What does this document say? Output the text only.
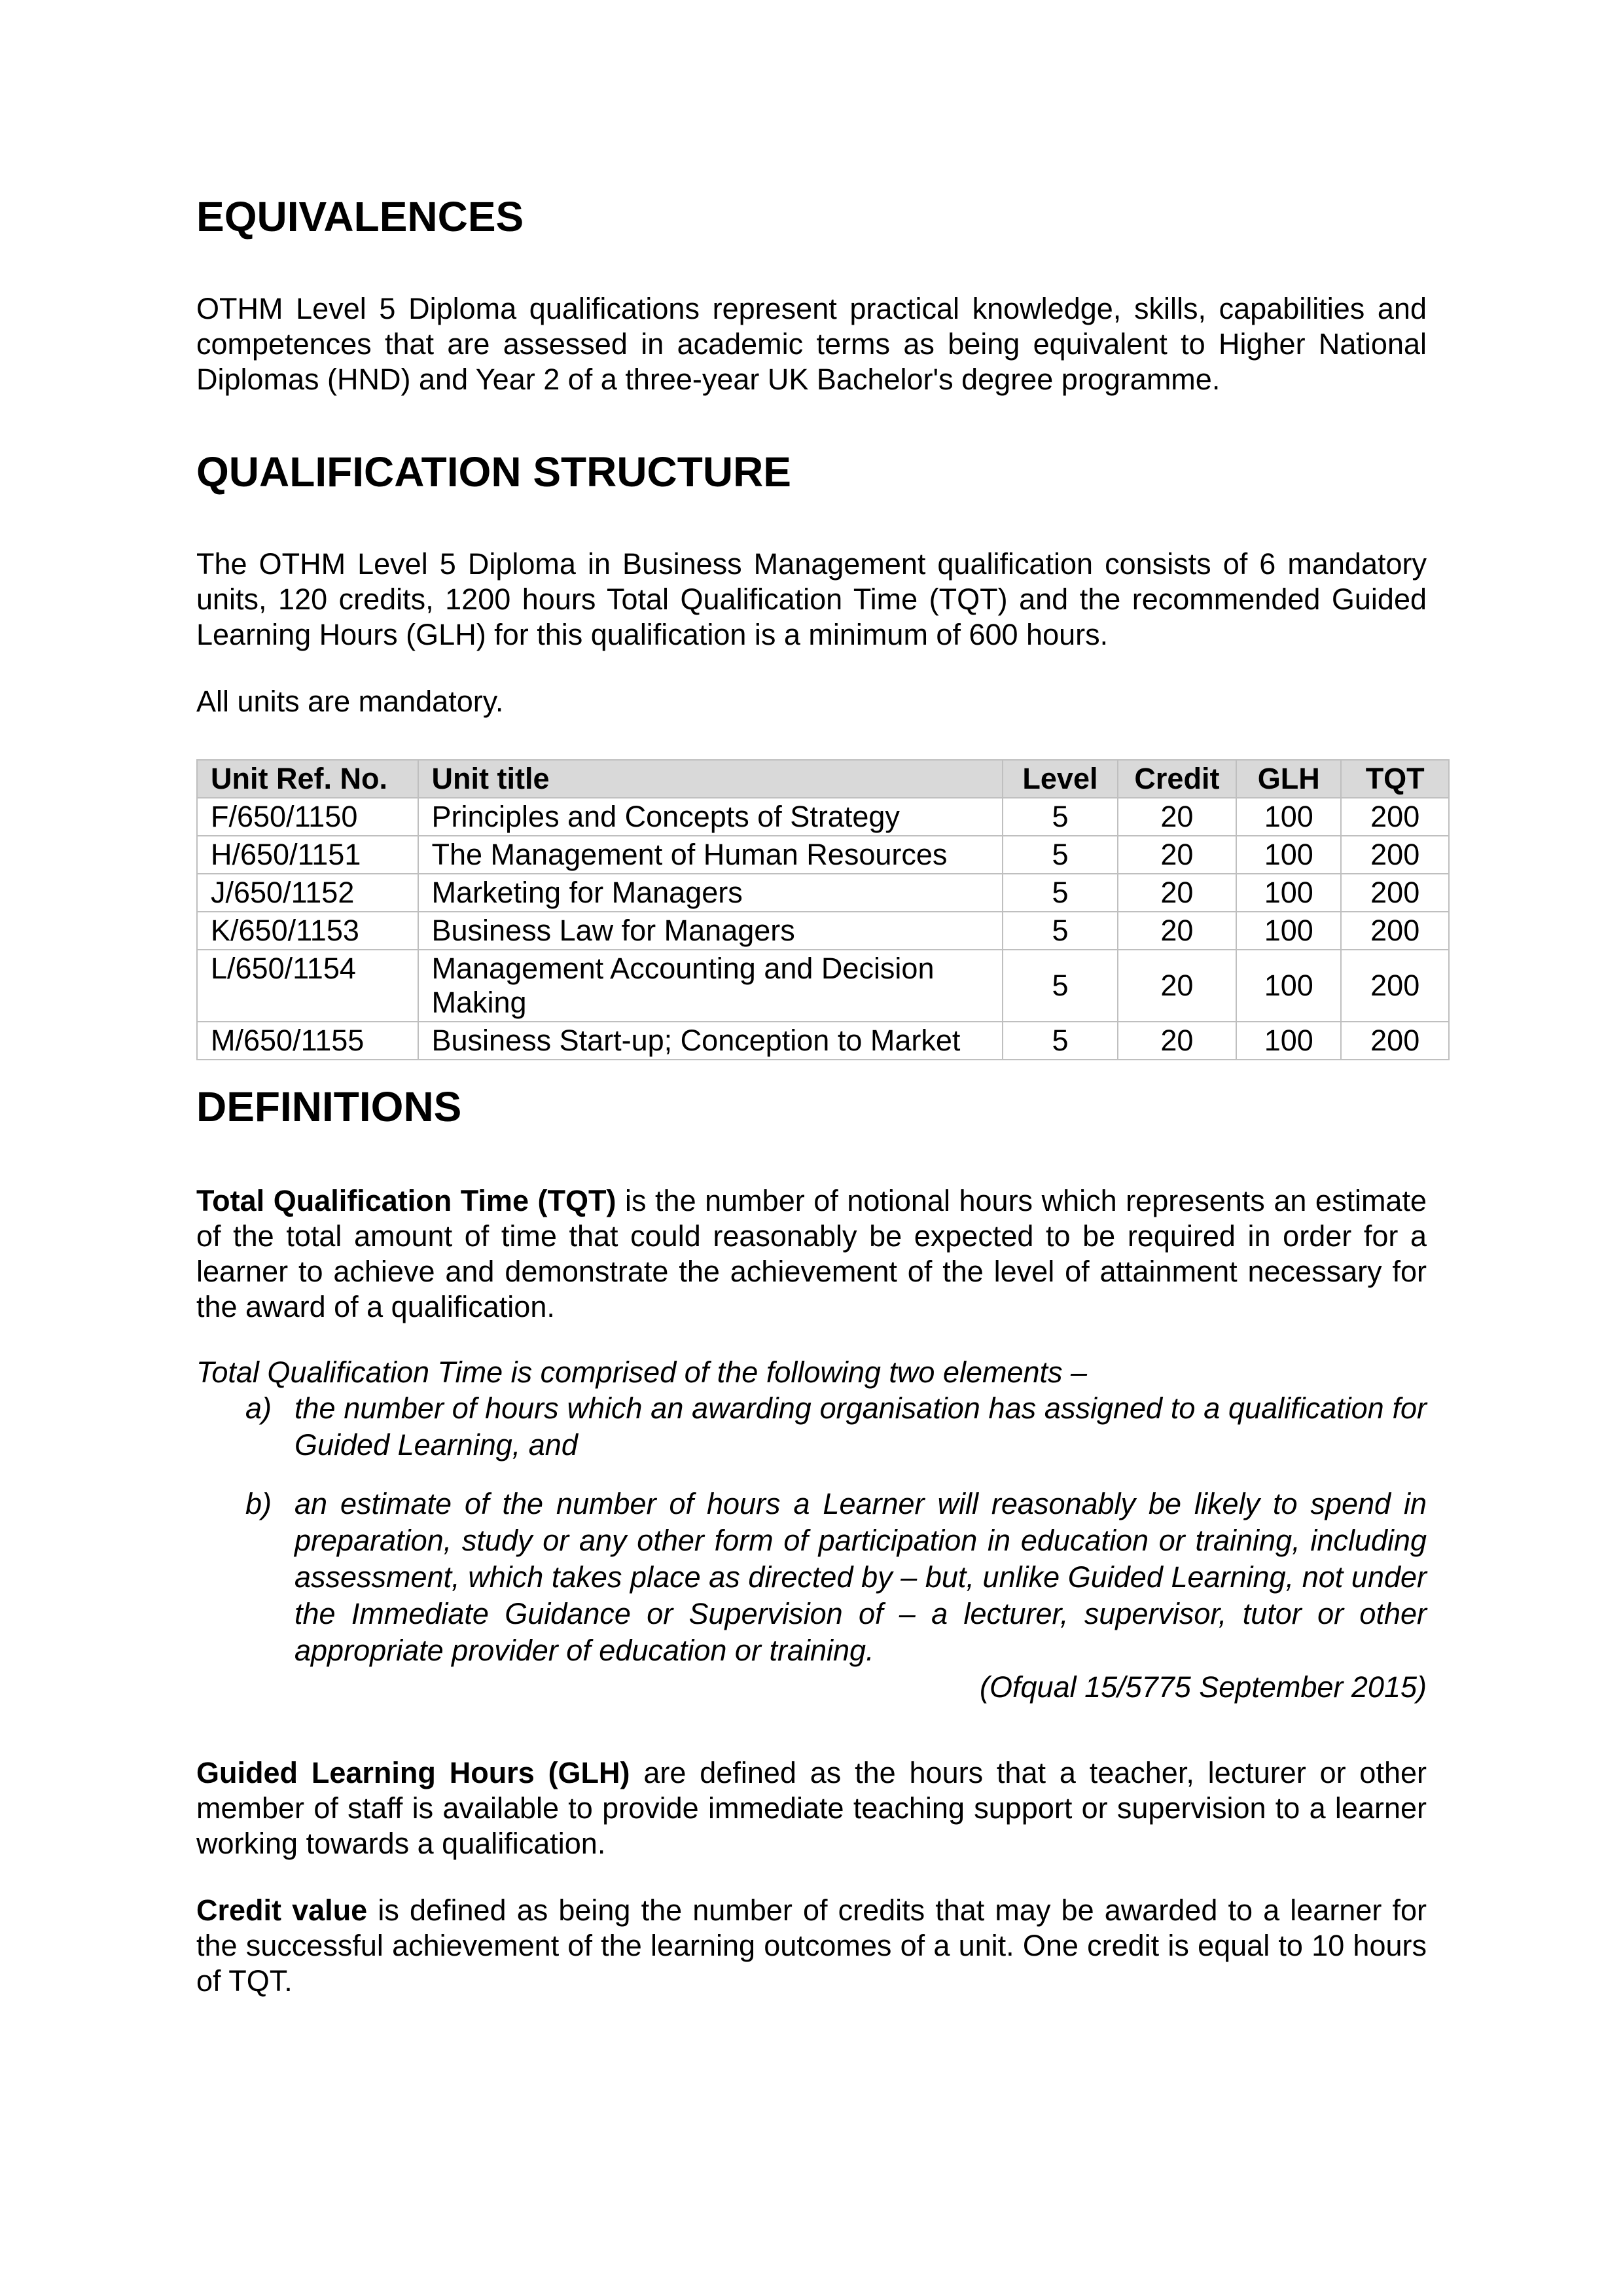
EQUIVALENCES

OTHM Level 5 Diploma qualifications represent practical knowledge, skills, capabilities and competences that are assessed in academic terms as being equivalent to Higher National Diplomas (HND) and Year 2 of a three-year UK Bachelor's degree programme.

QUALIFICATION STRUCTURE

The OTHM Level 5 Diploma in Business Management qualification consists of 6 mandatory units, 120 credits, 1200 hours Total Qualification Time (TQT) and the recommended Guided Learning Hours (GLH) for this qualification is a minimum of 600 hours.

All units are mandatory.

Unit Ref. No.	Unit title	Level	Credit	GLH	TQT
F/650/1150	Principles and Concepts of Strategy	5	20	100	200
H/650/1151	The Management of Human Resources	5	20	100	200
J/650/1152	Marketing for Managers	5	20	100	200
K/650/1153	Business Law for Managers	5	20	100	200
L/650/1154	Management Accounting and Decision Making	5	20	100	200
M/650/1155	Business Start-up; Conception to Market	5	20	100	200
DEFINITIONS

Total Qualification Time (TQT) is the number of notional hours which represents an estimate of the total amount of time that could reasonably be expected to be required in order for a learner to achieve and demonstrate the achievement of the level of attainment necessary for the award of a qualification.

Total Qualification Time is comprised of the following two elements –

a) the number of hours which an awarding organisation has assigned to a qualification for Guided Learning, and
b) an estimate of the number of hours a Learner will reasonably be likely to spend in preparation, study or any other form of participation in education or training, including assessment, which takes place as directed by – but, unlike Guided Learning, not under the Immediate Guidance or Supervision of – a lecturer, supervisor, tutor or other appropriate provider of education or training.
(Ofqual 15/5775 September 2015)

Guided Learning Hours (GLH) are defined as the hours that a teacher, lecturer or other member of staff is available to provide immediate teaching support or supervision to a learner working towards a qualification.

Credit value is defined as being the number of credits that may be awarded to a learner for the successful achievement of the learning outcomes of a unit. One credit is equal to 10 hours of TQT.
